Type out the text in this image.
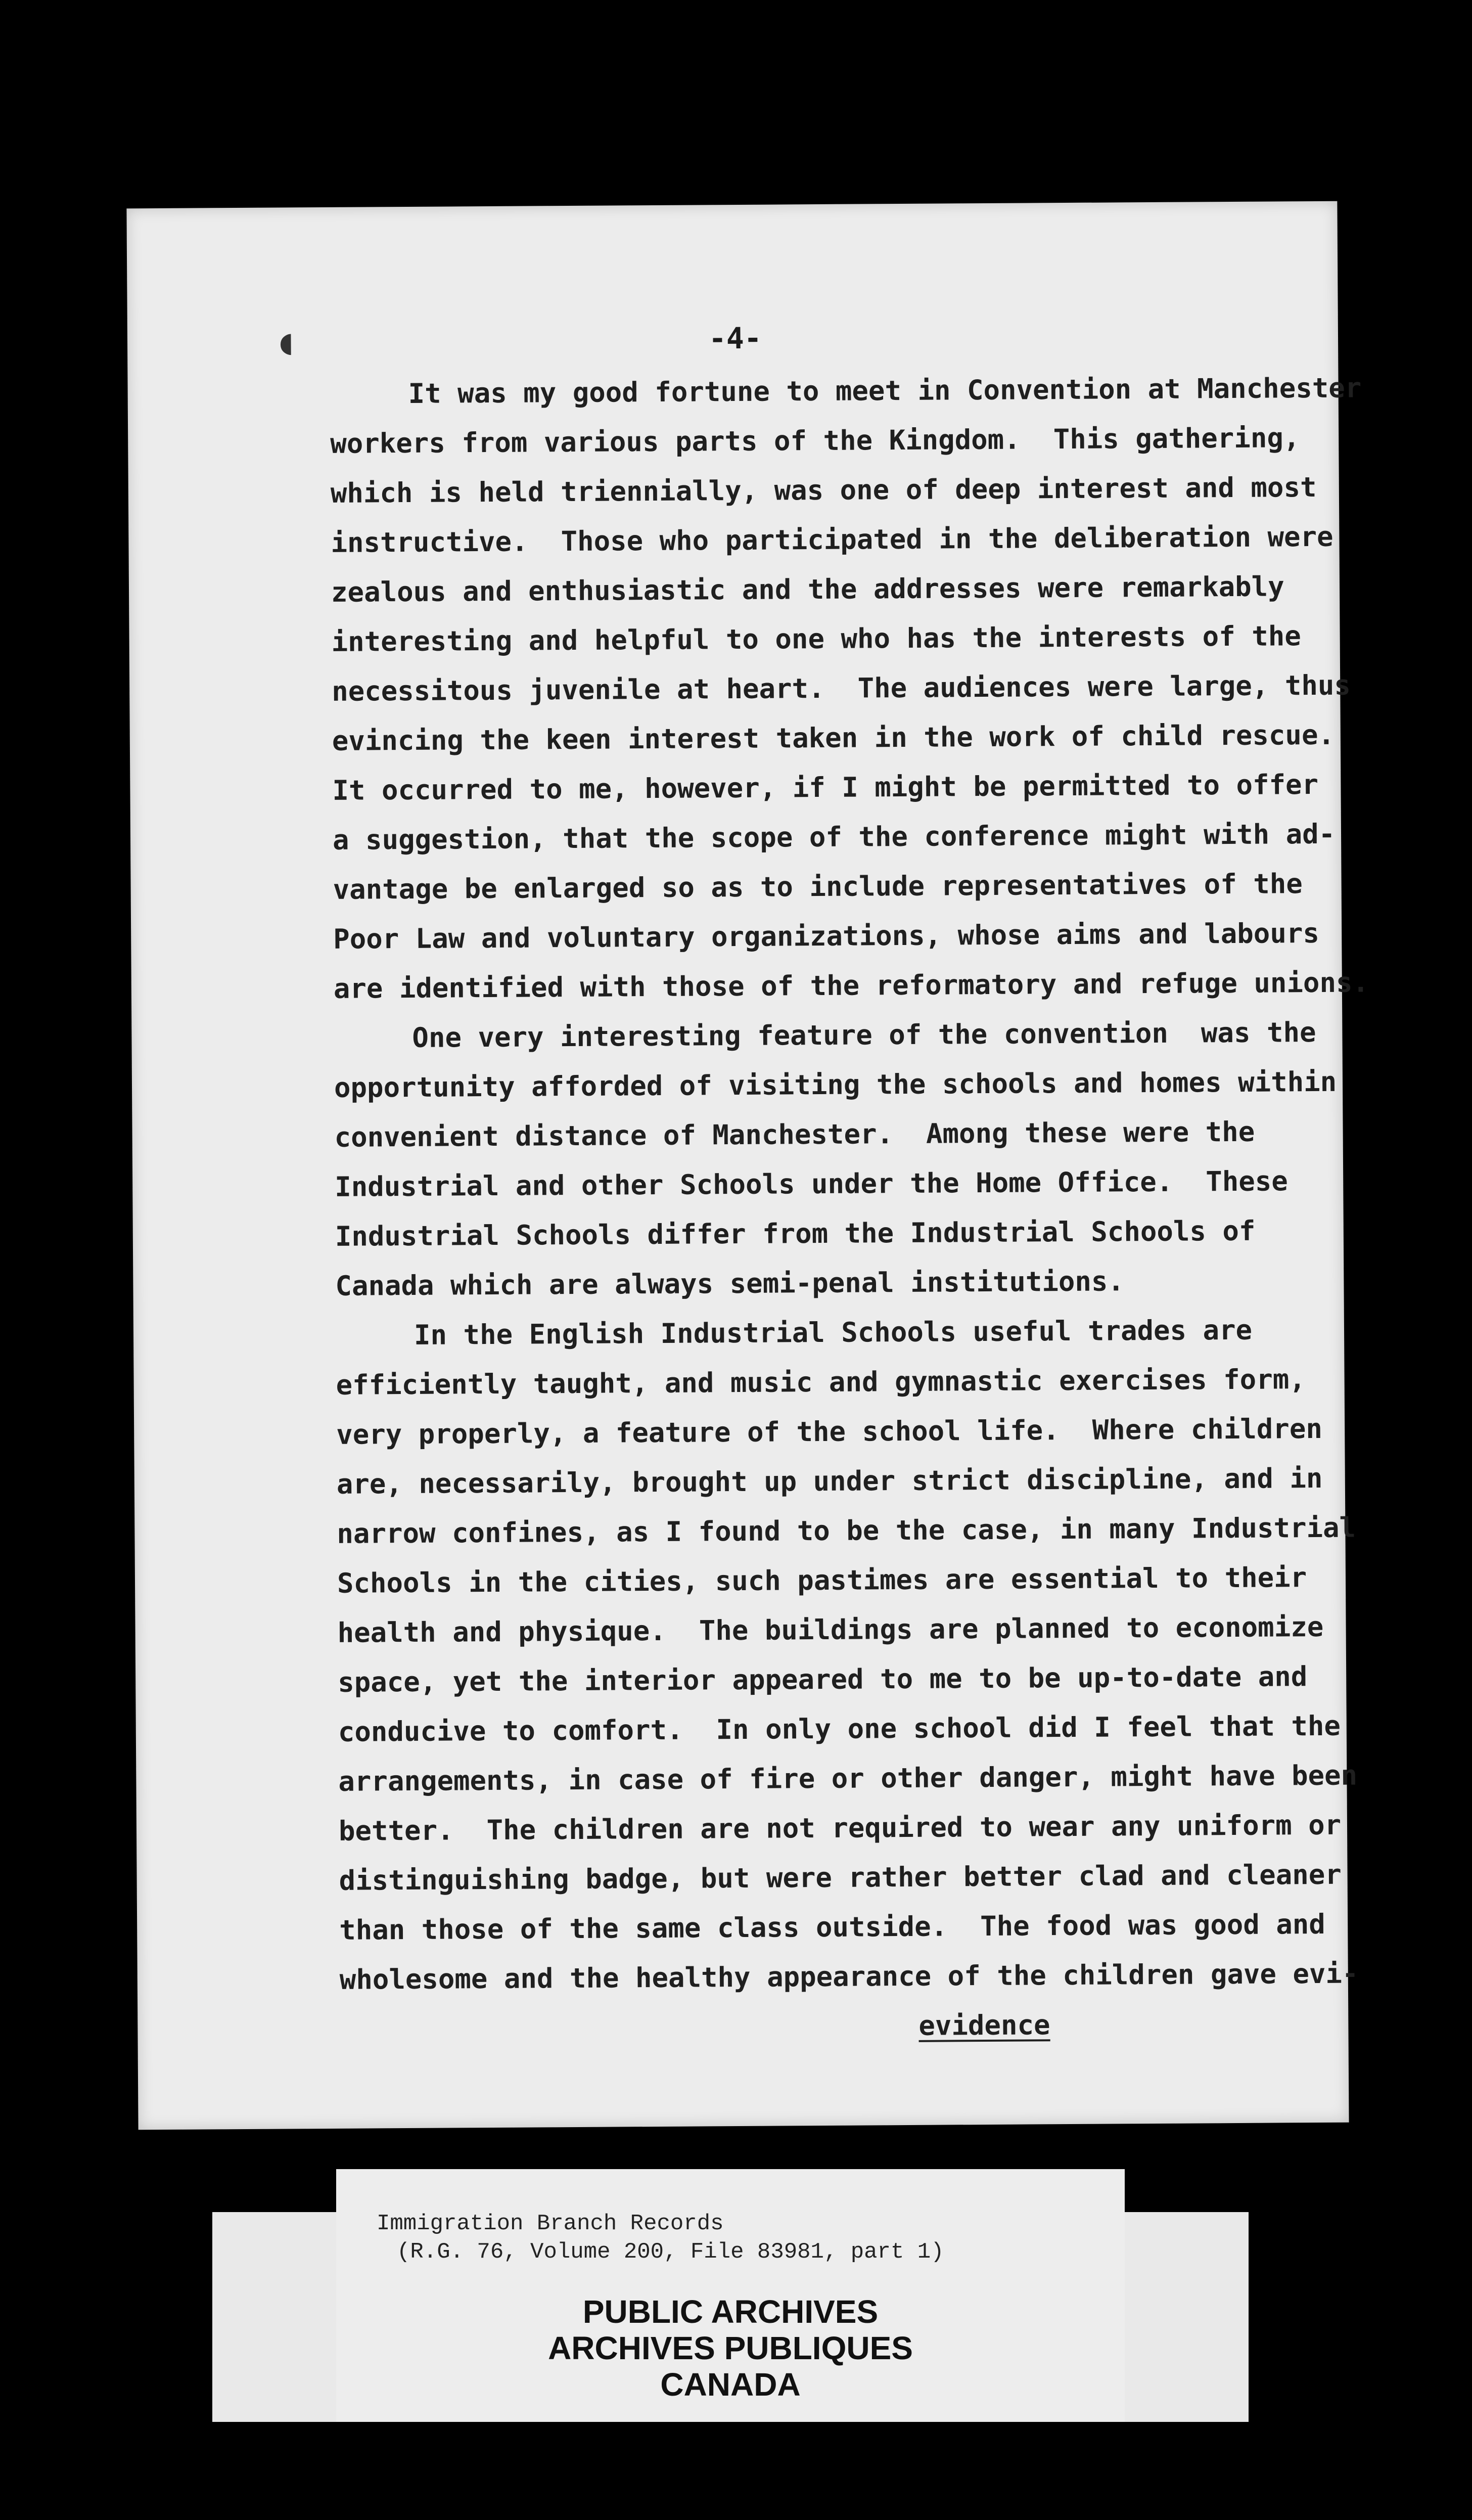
◖	-4-
It was my good fortune to meet in Convention at Manchester
workers from various parts of the Kingdom.  This gathering,
which is held triennially, was one of deep interest and most
instructive.  Those who participated in the deliberation were
zealous and enthusiastic and the addresses were remarkably
interesting and helpful to one who has the interests of the
necessitous juvenile at heart.  The audiences were large, thus
evincing the keen interest taken in the work of child rescue.
It occurred to me, however, if I might be permitted to offer
a suggestion, that the scope of the conference might with ad-
vantage be enlarged so as to include representatives of the
Poor Law and voluntary organizations, whose aims and labours
are identified with those of the reformatory and refuge unions.
One very interesting feature of the convention  was the
opportunity afforded of visiting the schools and homes within
convenient distance of Manchester.  Among these were the
Industrial and other Schools under the Home Office.  These
Industrial Schools differ from the Industrial Schools of
Canada which are always semi-penal institutions.
In the English Industrial Schools useful trades are
efficiently taught, and music and gymnastic exercises form,
very properly, a feature of the school life.  Where children
are, necessarily, brought up under strict discipline, and in
narrow confines, as I found to be the case, in many Industrial
Schools in the cities, such pastimes are essential to their
health and physique.  The buildings are planned to economize
space, yet the interior appeared to me to be up-to-date and
conducive to comfort.  In only one school did I feel that the
arrangements, in case of fire or other danger, might have been
better.  The children are not required to wear any uniform or
distinguishing badge, but were rather better clad and cleaner
than those of the same class outside.  The food was good and
wholesome and the healthy appearance of the children gave evi-
evidence
Immigration Branch Records
(R.G. 76, Volume 200, File 83981, part 1)
PUBLIC ARCHIVES
ARCHIVES PUBLIQUES
CANADA
